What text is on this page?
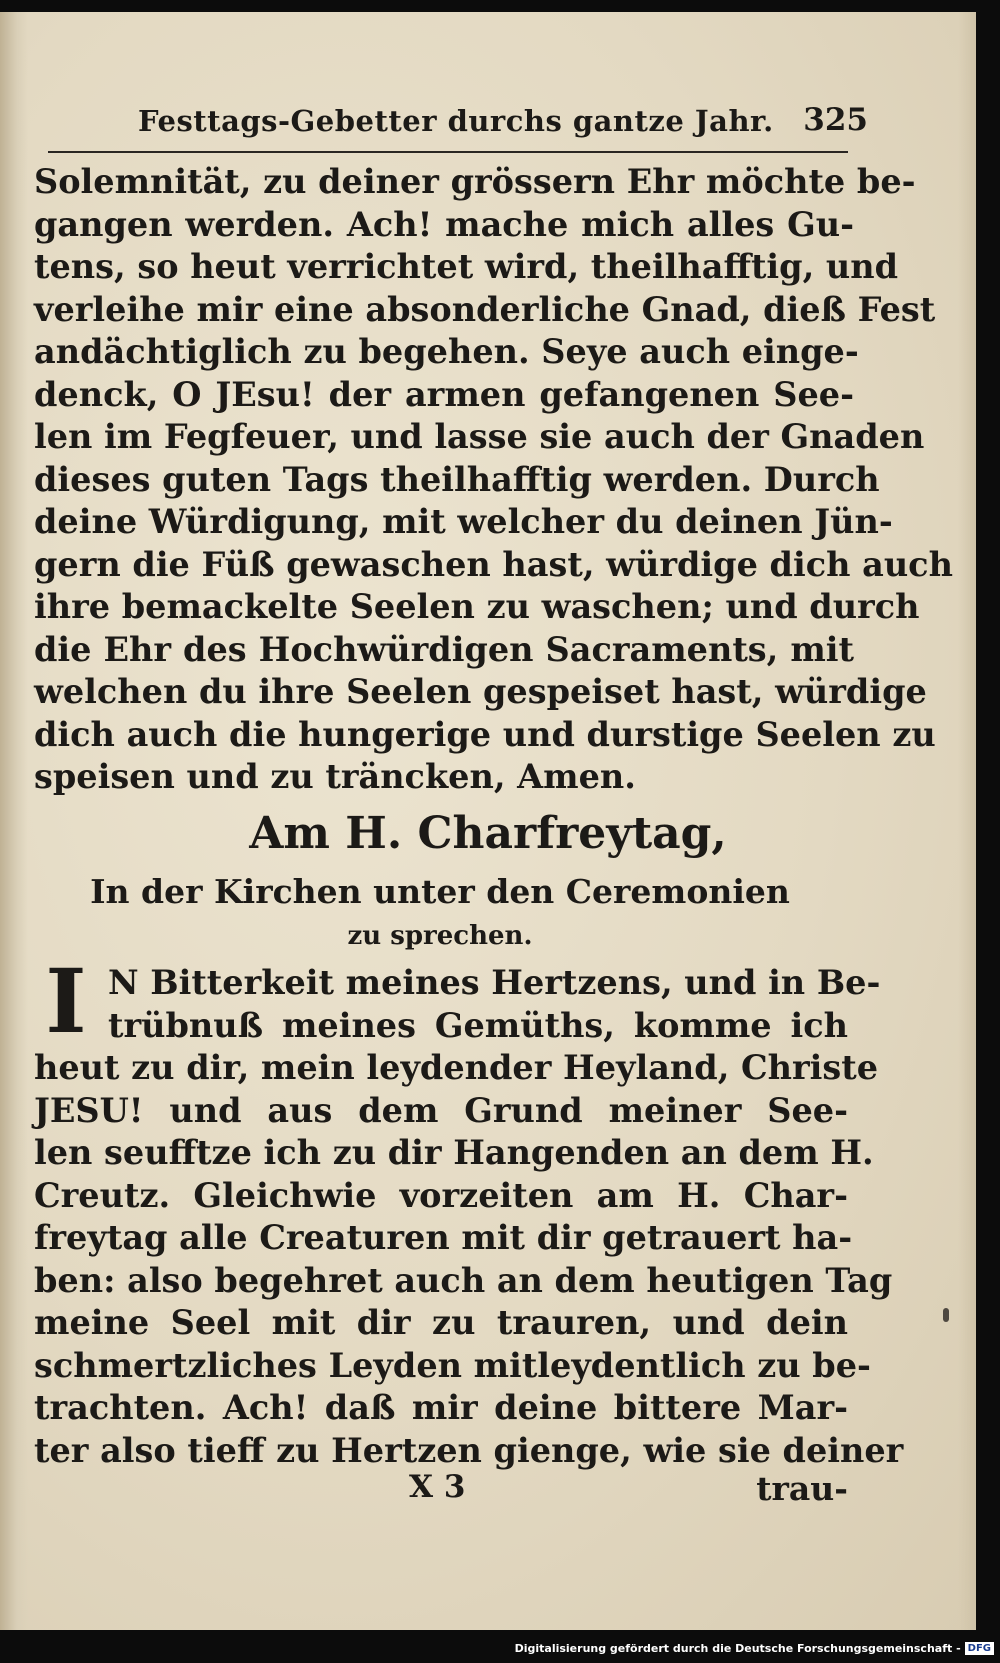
Festtags-Gebetter durchs gantze Jahr. 325
Solemnität, zu deiner grössern Ehr möchte be-
gangen werden. Ach! mache mich alles Gu-
tens, so heut verrichtet wird, theilhafftig, und
verleihe mir eine absonderliche Gnad, dieß Fest
andächtiglich zu begehen. Seye auch einge-
denck, O JEsu! der armen gefangenen See-
len im Fegfeuer, und lasse sie auch der Gnaden
dieses guten Tags theilhafftig werden. Durch
deine Würdigung, mit welcher du deinen Jün-
gern die Füß gewaschen hast, würdige dich auch
ihre bemackelte Seelen zu waschen; und durch
die Ehr des Hochwürdigen Sacraments, mit
welchen du ihre Seelen gespeiset hast, würdige
dich auch die hungerige und durstige Seelen zu
speisen und zu träncken, Amen.
Am H. Charfreytag,
In der Kirchen unter den Ceremonien
zu sprechen.
I N Bitterkeit meines Hertzens, und in Be-
trübnuß meines Gemüths, komme ich
heut zu dir, mein leydender Heyland, Christe
JESU! und aus dem Grund meiner See-
len seufftze ich zu dir Hangenden an dem H.
Creutz. Gleichwie vorzeiten am H. Char-
freytag alle Creaturen mit dir getrauert ha-
ben: also begehret auch an dem heutigen Tag
meine Seel mit dir zu trauren, und dein
schmertzliches Leyden mitleydentlich zu be-
trachten. Ach! daß mir deine bittere Mar-
ter also tieff zu Hertzen gienge, wie sie deiner
X 3	trau-
Digitalisierung gefördert durch die Deutsche Forschungsgemeinschaft - DFG
